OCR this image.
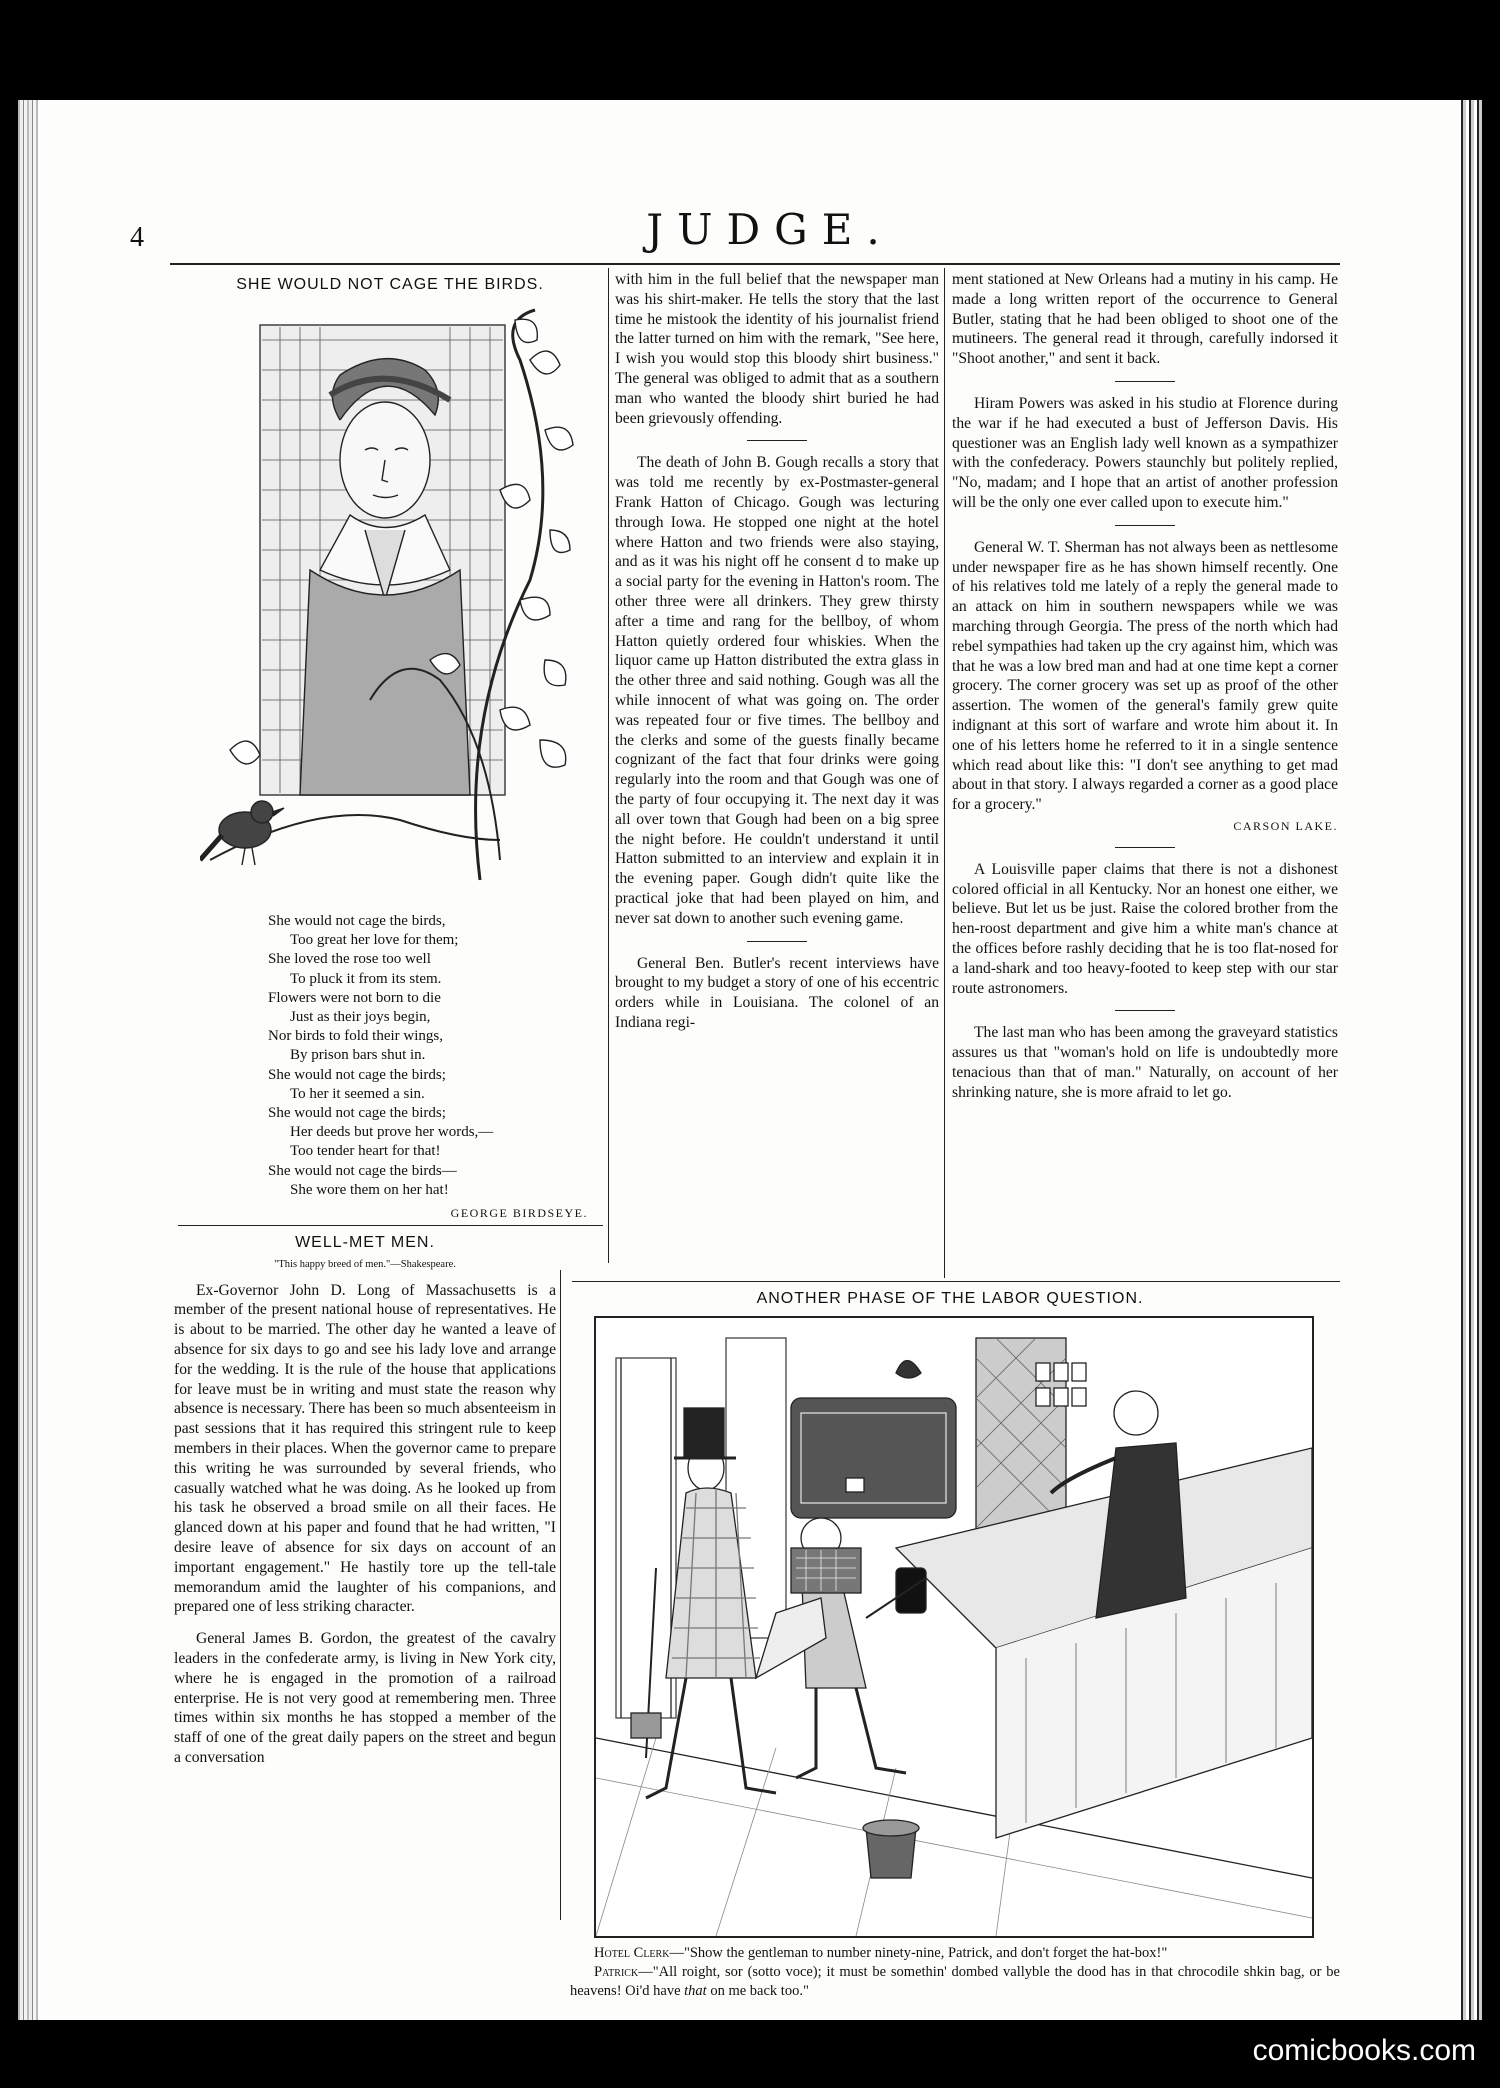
4	JUDGE.
SHE WOULD NOT CAGE THE BIRDS.
She would not cage the birds,
Too great her love for them;
She loved the rose too well
To pluck it from its stem.
Flowers were not born to die
Just as their joys begin,
Nor birds to fold their wings,
By prison bars shut in.
She would not cage the birds;
To her it seemed a sin.
She would not cage the birds;
Her deeds but prove her words,—
Too tender heart for that!
She would not cage the birds—
She wore them on her hat!
GEORGE BIRDSEYE.
WELL-MET MEN.
"This happy breed of men."—Shakespeare.

Ex-Governor John D. Long of Massachusetts is a member of the present national house of representatives. He is about to be married. The other day he wanted a leave of absence for six days to go and see his lady love and arrange for the wedding. It is the rule of the house that applications for leave must be in writing and must state the reason why absence is necessary. There has been so much absenteeism in past sessions that it has required this stringent rule to keep members in their places. When the governor came to prepare this writing he was surrounded by several friends, who casually watched what he was doing. As he looked up from his task he observed a broad smile on all their faces. He glanced down at his paper and found that he had written, "I desire leave of absence for six days on account of an important engagement." He hastily tore up the tell-tale memorandum amid the laughter of his companions, and prepared one of less striking character.

General James B. Gordon, the greatest of the cavalry leaders in the confederate army, is living in New York city, where he is engaged in the promotion of a railroad enterprise. He is not very good at remembering men. Three times within six months he has stopped a member of the staff of one of the great daily papers on the street and begun a conversation

with him in the full belief that the newspaper man was his shirt-maker. He tells the story that the last time he mistook the identity of his journalist friend the latter turned on him with the remark, "See here, I wish you would stop this bloody shirt business." The general was obliged to admit that as a southern man who wanted the bloody shirt buried he had been grievously offending.

The death of John B. Gough recalls a story that was told me recently by ex-Postmaster-general Frank Hatton of Chicago. Gough was lecturing through Iowa. He stopped one night at the hotel where Hatton and two friends were also staying, and as it was his night off he consent d to make up a social party for the evening in Hatton's room. The other three were all drinkers. They grew thirsty after a time and rang for the bellboy, of whom Hatton quietly ordered four whiskies. When the liquor came up Hatton distributed the extra glass in the other three and said nothing. Gough was all the while innocent of what was going on. The order was repeated four or five times. The bellboy and the clerks and some of the guests finally became cognizant of the fact that four drinks were going regularly into the room and that Gough was one of the party of four occupying it. The next day it was all over town that Gough had been on a big spree the night before. He couldn't understand it until Hatton submitted to an interview and explain it in the evening paper. Gough didn't quite like the practical joke that had been played on him, and never sat down to another such evening game.

General Ben. Butler's recent interviews have brought to my budget a story of one of his eccentric orders while in Louisiana. The colonel of an Indiana regi-

ment stationed at New Orleans had a mutiny in his camp. He made a long written report of the occurrence to General Butler, stating that he had been obliged to shoot one of the mutineers. The general read it through, carefully indorsed it "Shoot another," and sent it back.

Hiram Powers was asked in his studio at Florence during the war if he had executed a bust of Jefferson Davis. His questioner was an English lady well known as a sympathizer with the confederacy. Powers staunchly but politely replied, "No, madam; and I hope that an artist of another profession will be the only one ever called upon to execute him."

General W. T. Sherman has not always been as nettlesome under newspaper fire as he has shown himself recently. One of his relatives told me lately of a reply the general made to an attack on him in southern newspapers while we was marching through Georgia. The press of the north which had rebel sympathies had taken up the cry against him, which was that he was a low bred man and had at one time kept a corner grocery. The corner grocery was set up as proof of the other assertion. The women of the general's family grew quite indignant at this sort of warfare and wrote him about it. In one of his letters home he referred to it in a single sentence which read about like this: "I don't see anything to get mad about in that story. I always regarded a corner as a good place for a grocery."

CARSON LAKE.

A Louisville paper claims that there is not a dishonest colored official in all Kentucky. Nor an honest one either, we believe. But let us be just. Raise the colored brother from the hen-roost department and give him a white man's chance at the offices before rashly deciding that he is too flat-nosed for a land-shark and too heavy-footed to keep step with our star route astronomers.

The last man who has been among the graveyard statistics assures us that "woman's hold on life is undoubtedly more tenacious than that of man." Naturally, on account of her shrinking nature, she is more afraid to let go.

ANOTHER PHASE OF THE LABOR QUESTION.

Hotel Clerk—"Show the gentleman to number ninety-nine, Patrick, and don't forget the hat-box!"

Patrick—"All roight, sor (sotto voce); it must be somethin' dombed vallyble the dood has in that chrocodile shkin bag, or be heavens! Oi'd have that on me back too."

comicbooks.com
